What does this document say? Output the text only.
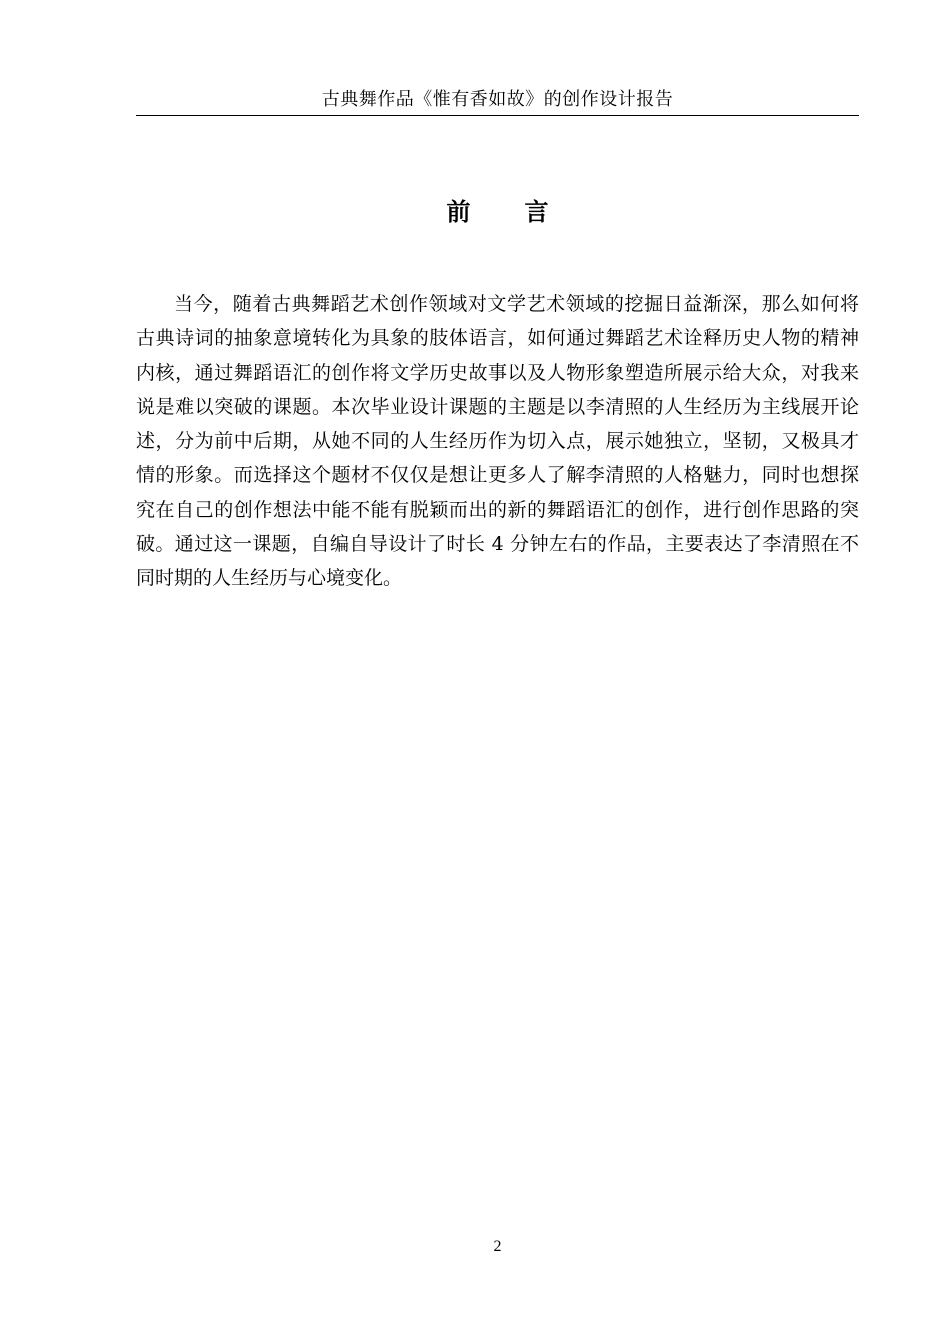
古典舞作品《惟有香如故》的创作设计报告
前 言
当今，随着古典舞蹈艺术创作领域对文学艺术领域的挖掘日益渐深，那么如何将
古典诗词的抽象意境转化为具象的肢体语言，如何通过舞蹈艺术诠释历史人物的精神
内核，通过舞蹈语汇的创作将文学历史故事以及人物形象塑造所展示给大众，对我来
说是难以突破的课题。本次毕业设计课题的主题是以李清照的人生经历为主线展开论
述，分为前中后期，从她不同的人生经历作为切入点，展示她独立，坚韧，又极具才
情的形象。而选择这个题材不仅仅是想让更多人了解李清照的人格魅力，同时也想探
究在自己的创作想法中能不能有脱颖而出的新的舞蹈语汇的创作，进行创作思路的突
破。通过这一课题，自编自导设计了时长 4 分钟左右的作品，主要表达了李清照在不
同时期的人生经历与心境变化。
2
